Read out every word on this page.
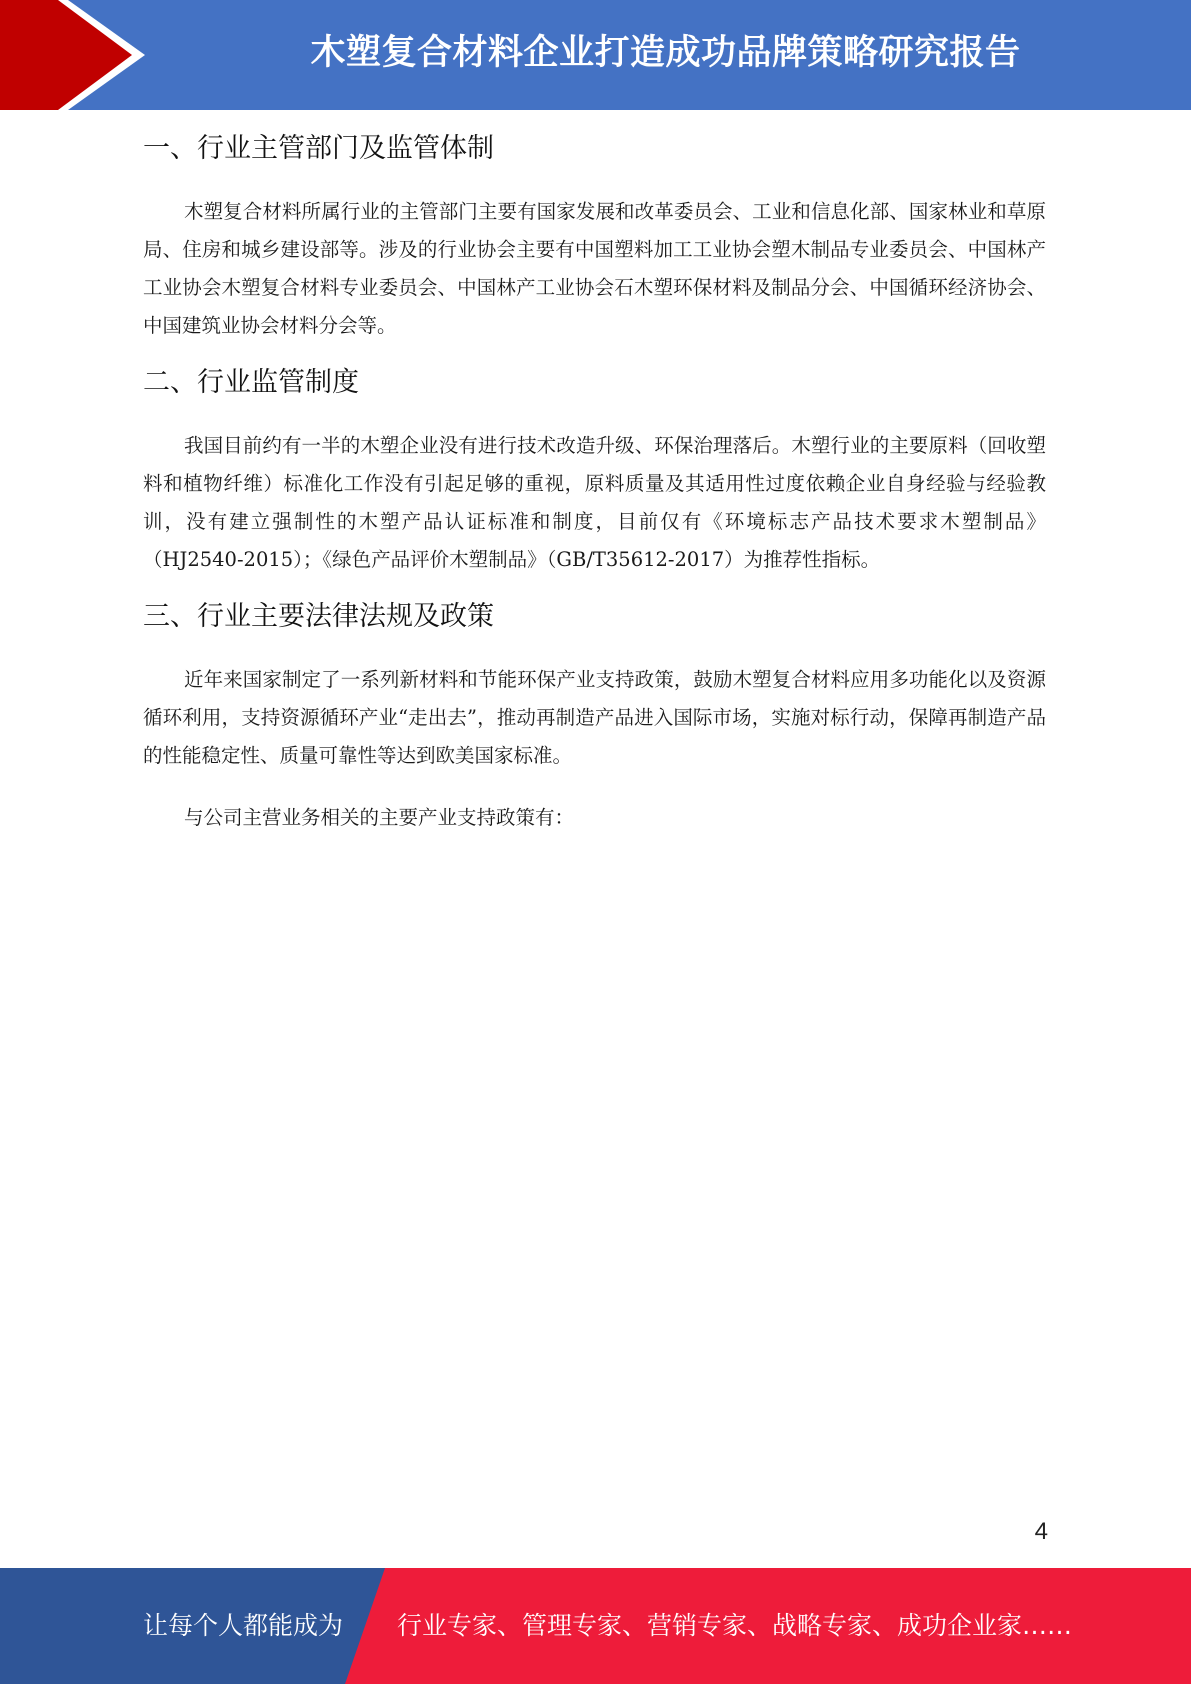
木塑复合材料企业打造成功品牌策略研究报告
一、行业主管部门及监管体制

木塑复合材料所属行业的主管部门主要有国家发展和改革委员会、工业和信息化部、国家林业和草原局、住房和城乡建设部等。涉及的行业协会主要有中国塑料加工工业协会塑木制品专业委员会、中国林产工业协会木塑复合材料专业委员会、中国林产工业协会石木塑环保材料及制品分会、中国循环经济协会、中国建筑业协会材料分会等。

二、行业监管制度

我国目前约有一半的木塑企业没有进行技术改造升级、环保治理落后。木塑行业的主要原料（回收塑料和植物纤维）标准化工作没有引起足够的重视，原料质量及其适用性过度依赖企业自身经验与经验教训，没有建立强制性的木塑产品认证标准和制度，目前仅有《环境标志产品技术要求木塑制品》（HJ2540-2015）；《绿色产品评价木塑制品》（GB/T35612-2017）为推荐性指标。

三、行业主要法律法规及政策

近年来国家制定了一系列新材料和节能环保产业支持政策，鼓励木塑复合材料应用多功能化以及资源循环利用，支持资源循环产业“走出去”，推动再制造产品进入国际市场，实施对标行动，保障再制造产品的性能稳定性、质量可靠性等达到欧美国家标准。

与公司主营业务相关的主要产业支持政策有：

4
让每个人都能成为 行业专家、管理专家、营销专家、战略专家、成功企业家……
